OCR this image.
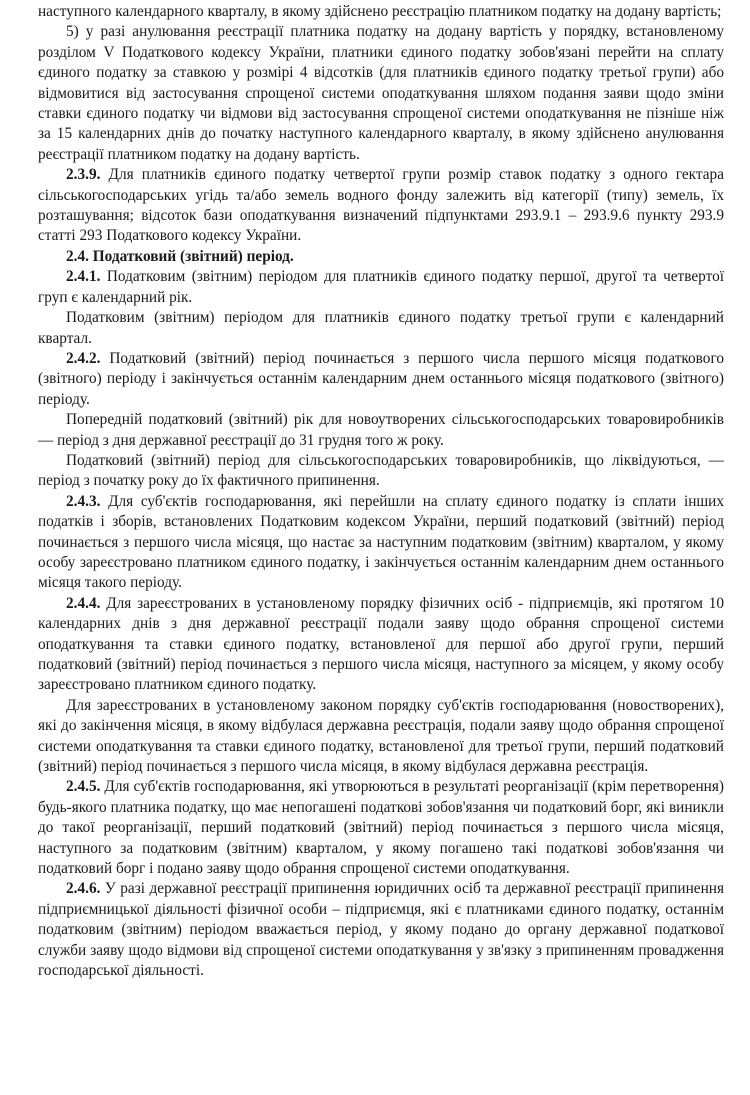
наступного календарного кварталу, в якому здійснено реєстрацію платником податку на додану вартість;

5) у разі анулювання реєстрації платника податку на додану вартість у порядку, встановленому розділом V Податкового кодексу України, платники єдиного податку зобов'язані перейти на сплату єдиного податку за ставкою у розмірі 4 відсотків (для платників єдиного податку третьої групи) або відмовитися від застосування спрощеної системи оподаткування шляхом подання заяви щодо зміни ставки єдиного податку чи відмови від застосування спрощеної системи оподаткування не пізніше ніж за 15 календарних днів до початку наступного календарного кварталу, в якому здійснено анулювання реєстрації платником податку на додану вартість.

2.3.9. Для платників єдиного податку четвертої групи розмір ставок податку з одного гектара сільськогосподарських угідь та/або земель водного фонду залежить від категорії (типу) земель, їх розташування; відсоток бази оподаткування визначений підпунктами 293.9.1 – 293.9.6 пункту 293.9 статті 293 Податкового кодексу України.

2.4. Податковий (звітний) період.

2.4.1. Податковим (звітним) періодом для платників єдиного податку першої, другої та четвертої груп є календарний рік.

Податковим (звітним) періодом для платників єдиного податку третьої групи є календарний квартал.

2.4.2. Податковий (звітний) період починається з першого числа першого місяця податкового (звітного) періоду і закінчується останнім календарним днем останнього місяця податкового (звітного) періоду.

Попередній податковий (звітний) рік для новоутворених сільськогосподарських товаровиробників — період з дня державної реєстрації до 31 грудня того ж року.

Податковий (звітний) період для сільськогосподарських товаровиробників, що ліквідуються, — період з початку року до їх фактичного припинення.

2.4.3. Для суб'єктів господарювання, які перейшли на сплату єдиного податку із сплати інших податків і зборів, встановлених Податковим кодексом України, перший податковий (звітний) період починається з першого числа місяця, що настає за наступним податковим (звітним) кварталом, у якому особу зареєстровано платником єдиного податку, і закінчується останнім календарним днем останнього місяця такого періоду.

2.4.4. Для зареєстрованих в установленому порядку фізичних осіб - підприємців, які протягом 10 календарних днів з дня державної реєстрації подали заяву щодо обрання спрощеної системи оподаткування та ставки єдиного податку, встановленої для першої або другої групи, перший податковий (звітний) період починається з першого числа місяця, наступного за місяцем, у якому особу зареєстровано платником єдиного податку.

Для зареєстрованих в установленому законом порядку суб'єктів господарювання (новостворених), які до закінчення місяця, в якому відбулася державна реєстрація, подали заяву щодо обрання спрощеної системи оподаткування та ставки єдиного податку, встановленої для третьої групи, перший податковий (звітний) період починається з першого числа місяця, в якому відбулася державна реєстрація.

2.4.5. Для суб'єктів господарювання, які утворюються в результаті реорганізації (крім перетворення) будь-якого платника податку, що має непогашені податкові зобов'язання чи податковий борг, які виникли до такої реорганізації, перший податковий (звітний) період починається з першого числа місяця, наступного за податковим (звітним) кварталом, у якому погашено такі податкові зобов'язання чи податковий борг і подано заяву щодо обрання спрощеної системи оподаткування.

2.4.6. У разі державної реєстрації припинення юридичних осіб та державної реєстрації припинення підприємницької діяльності фізичної особи – підприємця, які є платниками єдиного податку, останнім податковим (звітним) періодом вважається період, у якому подано до органу державної податкової служби заяву щодо відмови від спрощеної системи оподаткування у зв'язку з припиненням провадження господарської діяльності.
